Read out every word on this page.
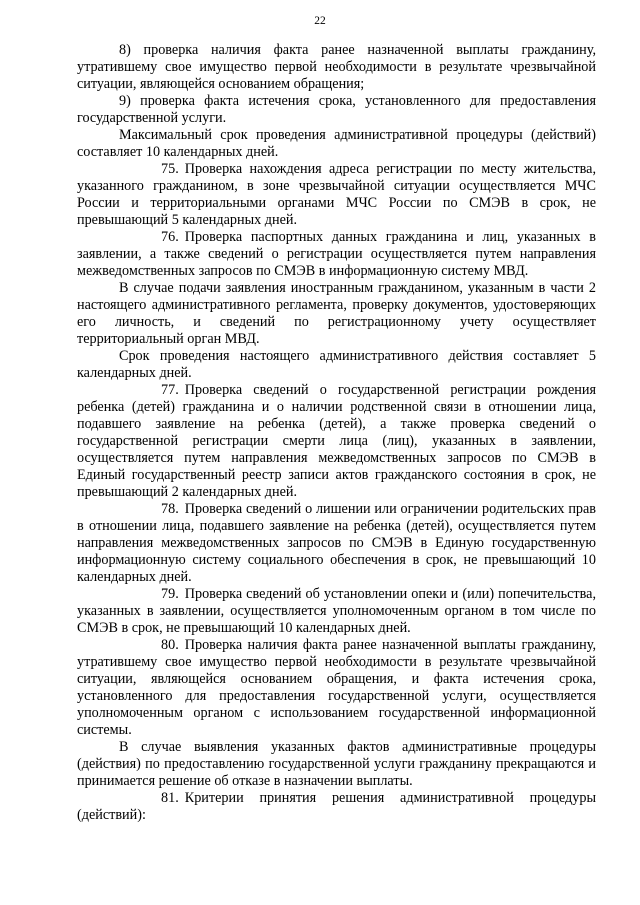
22

8) проверка наличия факта ранее назначенной выплаты гражданину, утратившему свое имущество первой необходимости в результате чрезвычайной ситуации, являющейся основанием обращения;

9) проверка факта истечения срока, установленного для предоставления государственной услуги.

Максимальный срок проведения административной процедуры (действий) составляет 10 календарных дней.

75. Проверка нахождения адреса регистрации по месту жительства, указанного гражданином, в зоне чрезвычайной ситуации осуществляется МЧС России и территориальными органами МЧС России по СМЭВ в срок, не превышающий 5 календарных дней.

76. Проверка паспортных данных гражданина и лиц, указанных в заявлении, а также сведений о регистрации осуществляется путем направления межведомственных запросов по СМЭВ в информационную систему МВД.

В случае подачи заявления иностранным гражданином, указанным в части 2 настоящего административного регламента, проверку документов, удостоверяющих его личность, и сведений по регистрационному учету осуществляет территориальный орган МВД.

Срок проведения настоящего административного действия составляет 5 календарных дней.

77. Проверка сведений о государственной регистрации рождения ребенка (детей) гражданина и о наличии родственной связи в отношении лица, подавшего заявление на ребенка (детей), а также проверка сведений о государственной регистрации смерти лица (лиц), указанных в заявлении, осуществляется путем направления межведомственных запросов по СМЭВ в Единый государственный реестр записи актов гражданского состояния в срок, не превышающий 2 календарных дней.

78. Проверка сведений о лишении или ограничении родительских прав в отношении лица, подавшего заявление на ребенка (детей), осуществляется путем направления межведомственных запросов по СМЭВ в Единую государственную информационную систему социального обеспечения в срок, не превышающий 10 календарных дней.

79. Проверка сведений об установлении опеки и (или) попечительства, указанных в заявлении, осуществляется уполномоченным органом в том числе по СМЭВ в срок, не превышающий 10 календарных дней.

80. Проверка наличия факта ранее назначенной выплаты гражданину, утратившему свое имущество первой необходимости в результате чрезвычайной ситуации, являющейся основанием обращения, и факта истечения срока, установленного для предоставления государственной услуги, осуществляется уполномоченным органом с использованием государственной информационной системы.

В случае выявления указанных фактов административные процедуры (действия) по предоставлению государственной услуги гражданину прекращаются и принимается решение об отказе в назначении выплаты.

81. Критерии принятия решения административной процедуры (действий):
